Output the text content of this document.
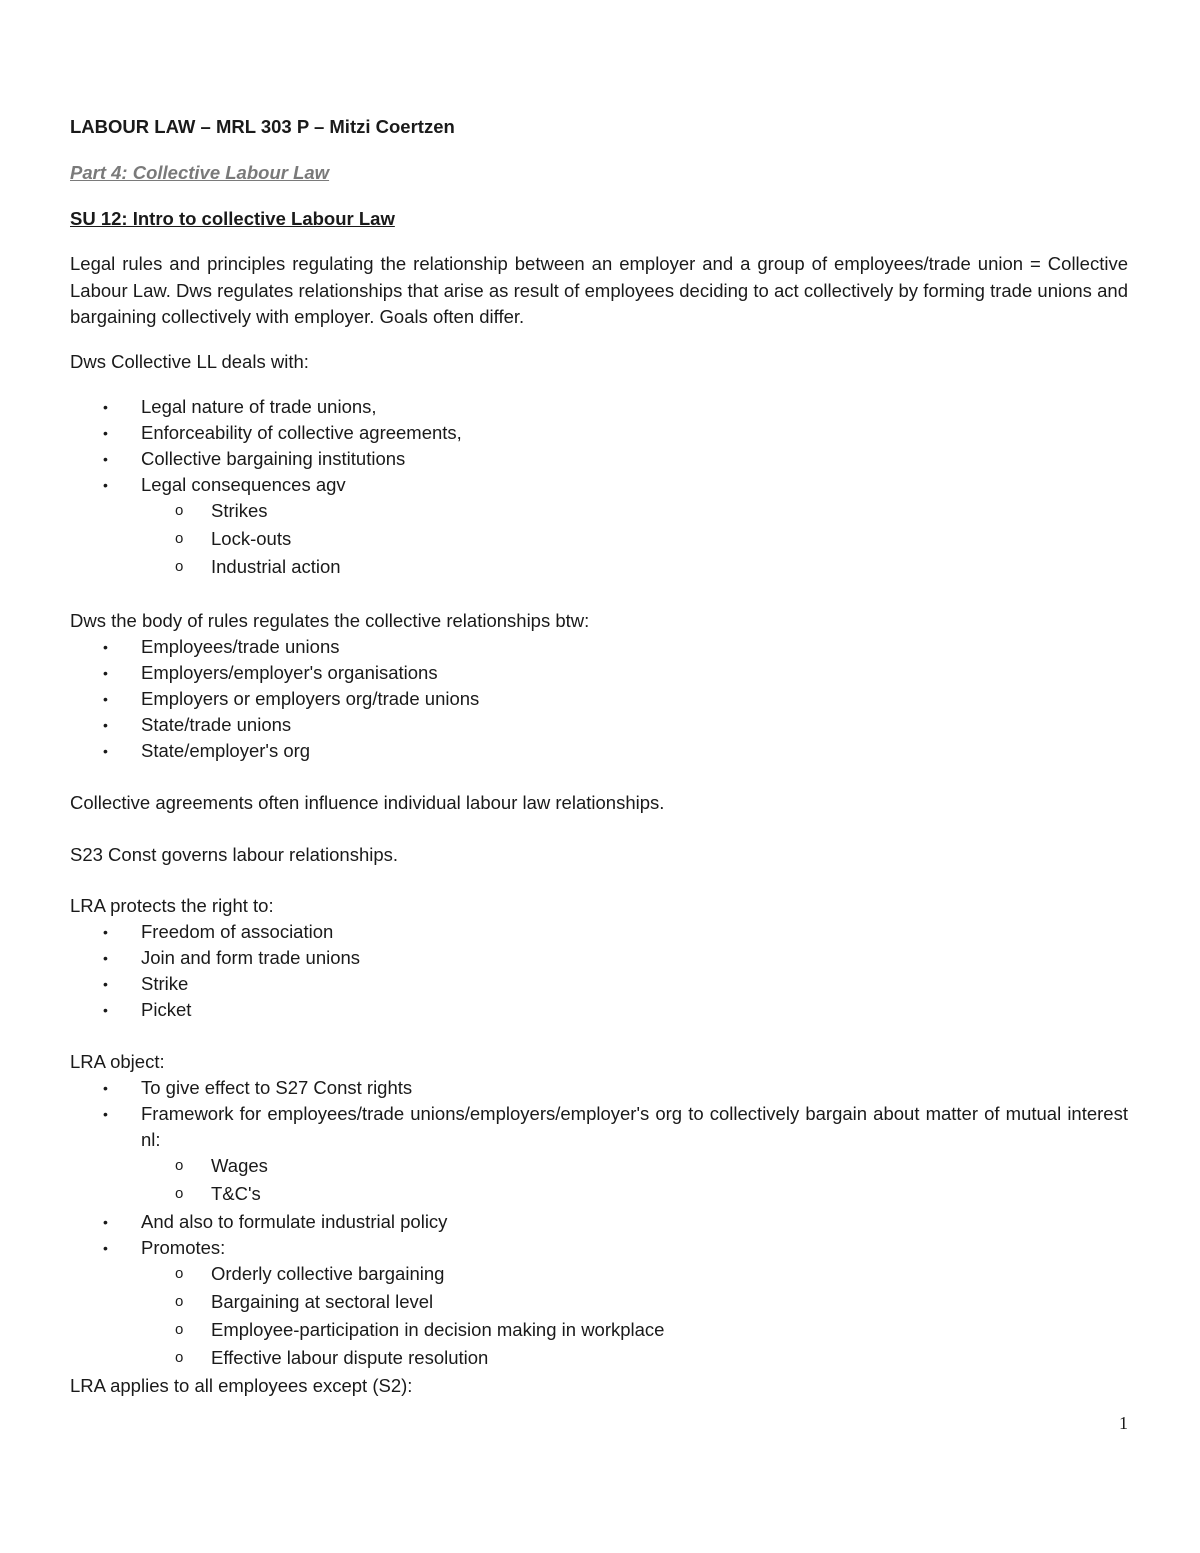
LABOUR LAW – MRL 303 P – Mitzi Coertzen
Part 4: Collective Labour Law
SU 12: Intro to collective Labour Law
Legal rules and principles regulating the relationship between an employer and a group of employees/trade union = Collective Labour Law. Dws regulates relationships that arise as result of employees deciding to act collectively by forming trade unions and bargaining collectively with employer. Goals often differ.
Dws Collective LL deals with:
• Legal nature of trade unions,
• Enforceability of collective agreements,
• Collective bargaining institutions
• Legal consequences agv
o Strikes
o Lock-outs
o Industrial action
Dws the body of rules regulates the collective relationships btw:
• Employees/trade unions
• Employers/employer's organisations
• Employers or employers org/trade unions
• State/trade unions
• State/employer's org
Collective agreements often influence individual labour law relationships.
S23 Const governs labour relationships.
LRA protects the right to:
• Freedom of association
• Join and form trade unions
• Strike
• Picket
LRA object:
• To give effect to S27 Const rights
• Framework for employees/trade unions/employers/employer's org to collectively bargain about matter of mutual interest nl:
o Wages
o T&C's
• And also to formulate industrial policy
• Promotes:
o Orderly collective bargaining
o Bargaining at sectoral level
o Employee-participation in decision making in workplace
o Effective labour dispute resolution
LRA applies to all employees except (S2):
1
